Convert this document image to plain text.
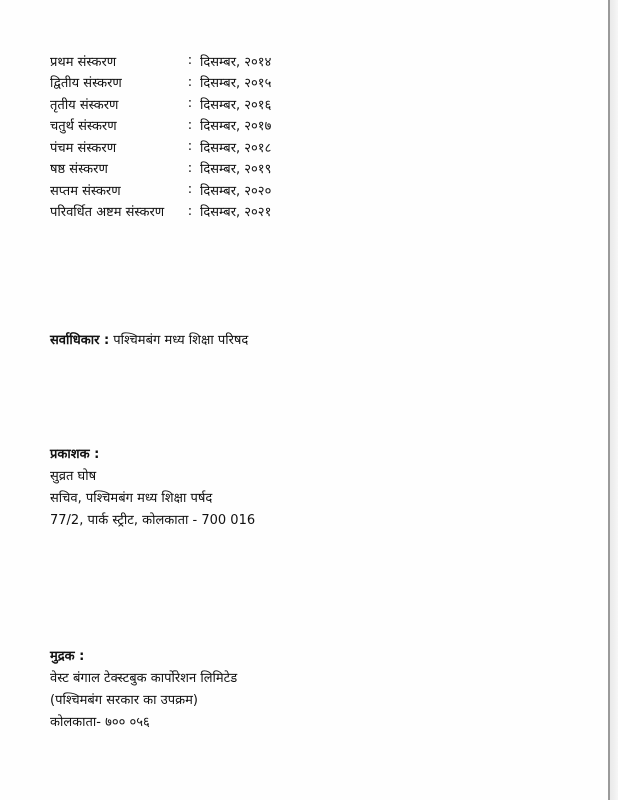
प्रथम संस्करण	: दिसम्बर, २०१४
द्वितीय संस्करण	: दिसम्बर, २०१५
तृतीय संस्करण	: दिसम्बर, २०१६
चतुर्थ संस्करण	: दिसम्बर, २०१७
पंचम संस्करण	: दिसम्बर, २०१८
षष्ठ संस्करण	: दिसम्बर, २०१९
सप्तम संस्करण	: दिसम्बर, २०२०
परिवर्धित अष्टम संस्करण	: दिसम्बर, २०२१
सर्वाधिकार : पश्चिमबंग मध्य शिक्षा परिषद
प्रकाशक :
सुव्रत घोष
सचिव, पश्चिमबंग मध्य शिक्षा पर्षद
77/2, पार्क स्ट्रीट, कोलकाता - 700 016
मुद्रक :
वेस्ट बंगाल टेक्स्टबुक कार्पोरेशन लिमिटेड
(पश्चिमबंग सरकार का उपक्रम)
कोलकाता- ७०० ०५६
